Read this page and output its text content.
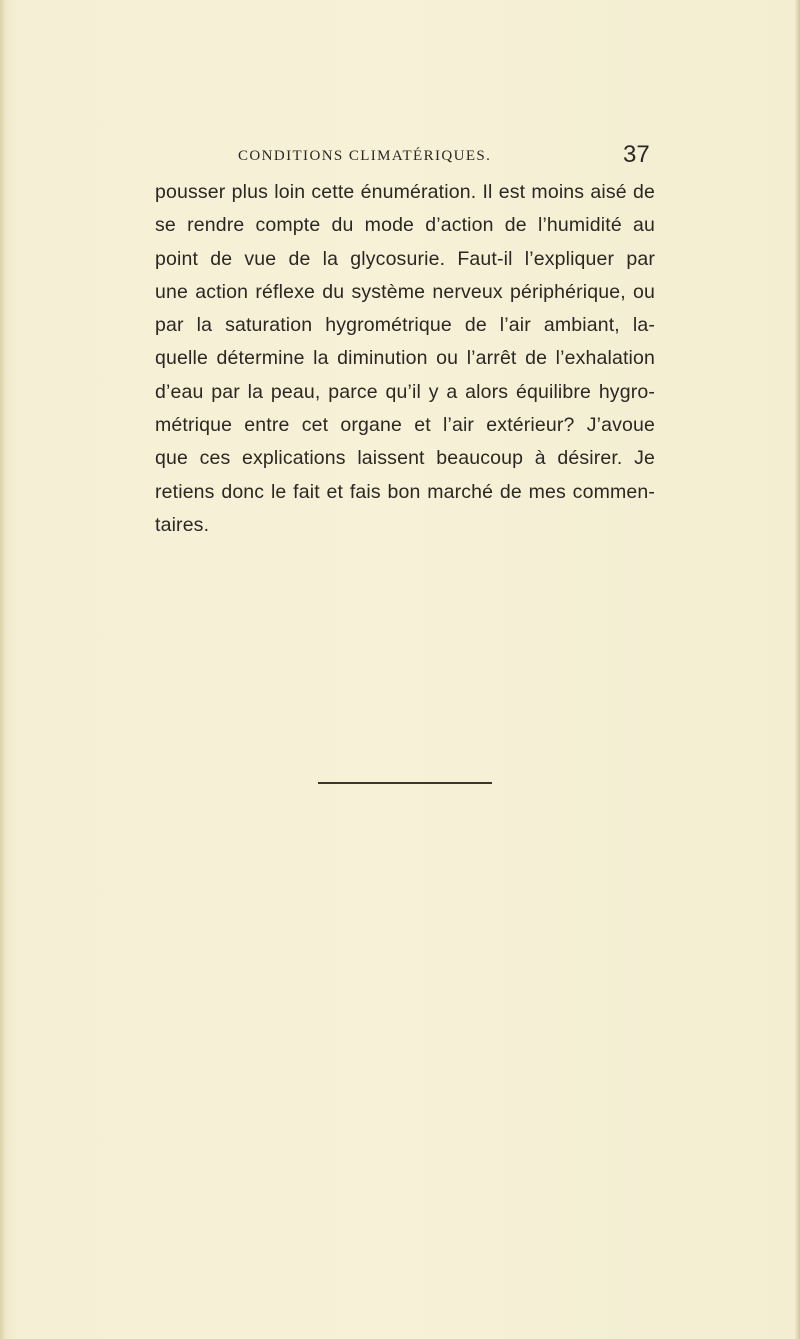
CONDITIONS CLIMATÉRIQUES.	37
pousser plus loin cette énumération. Il est moins aisé de
se rendre compte du mode d’action de l’humidité au
point de vue de la glycosurie. Faut-il l’expliquer par
une action réflexe du système nerveux périphérique, ou
par la saturation hygrométrique de l’air ambiant, la-
quelle détermine la diminution ou l’arrêt de l’exhalation
d’eau par la peau, parce qu’il y a alors équilibre hygro-
métrique entre cet organe et l’air extérieur? J’avoue
que ces explications laissent beaucoup à désirer. Je
retiens donc le fait et fais bon marché de mes commen-
taires.
